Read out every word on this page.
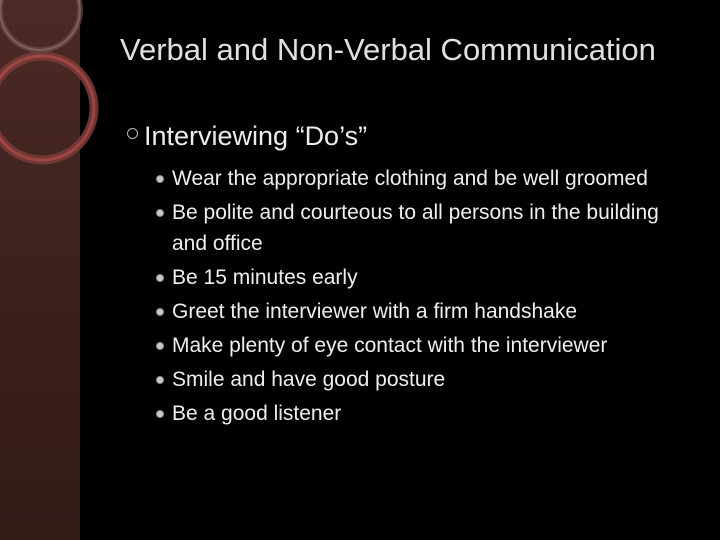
Verbal and Non-Verbal Communication
Interviewing “Do’s”
Wear the appropriate clothing and be well groomed
Be polite and courteous to all persons in the building and office
Be 15 minutes early
Greet the interviewer with a firm handshake
Make plenty of eye contact with the interviewer
Smile and have good posture
Be a good listener
